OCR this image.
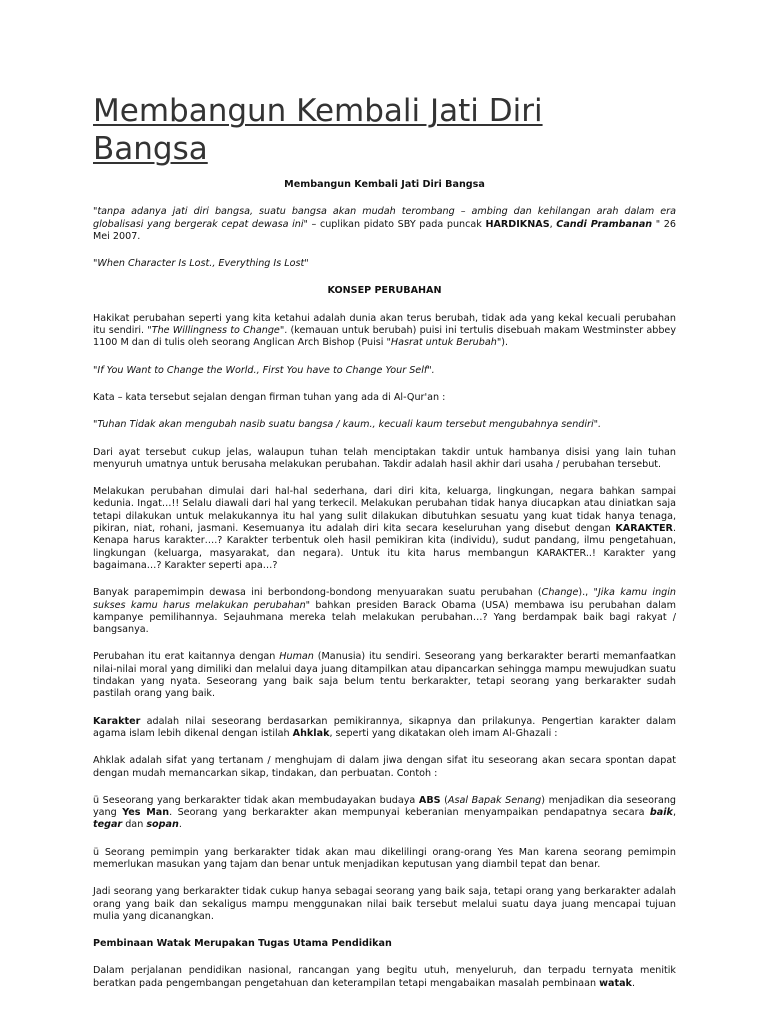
Membangun Kembali Jati Diri Bangsa

Membangun Kembali Jati Diri Bangsa

"tanpa adanya jati diri bangsa, suatu bangsa akan mudah terombang – ambing dan kehilangan arah dalam era globalisasi yang bergerak cepat dewasa ini" – cuplikan pidato SBY pada puncak HARDIKNAS, Candi Prambanan " 26 Mei 2007.

"When Character Is Lost., Everything Is Lost"

KONSEP PERUBAHAN

Hakikat perubahan seperti yang kita ketahui adalah dunia akan terus berubah, tidak ada yang kekal kecuali perubahan itu sendiri. "The Willingness to Change". (kemauan untuk berubah) puisi ini tertulis disebuah makam Westminster abbey 1100 M dan di tulis oleh seorang Anglican Arch Bishop (Puisi "Hasrat untuk Berubah").

"If You Want to Change the World., First You have to Change Your Self".

Kata – kata tersebut sejalan dengan firman tuhan yang ada di Al-Qur'an :

"Tuhan Tidak akan mengubah nasib suatu bangsa / kaum., kecuali kaum tersebut mengubahnya sendiri".

Dari ayat tersebut cukup jelas, walaupun tuhan telah menciptakan takdir untuk hambanya disisi yang lain tuhan menyuruh umatnya untuk berusaha melakukan perubahan. Takdir adalah hasil akhir dari usaha / perubahan tersebut.

Melakukan perubahan dimulai dari hal-hal sederhana, dari diri kita, keluarga, lingkungan, negara bahkan sampai kedunia. Ingat…!! Selalu diawali dari hal yang terkecil. Melakukan perubahan tidak hanya diucapkan atau diniatkan saja tetapi dilakukan untuk melakukannya itu hal yang sulit dilakukan dibutuhkan sesuatu yang kuat tidak hanya tenaga, pikiran, niat, rohani, jasmani. Kesemuanya itu adalah diri kita secara keseluruhan yang disebut dengan KARAKTER. Kenapa harus karakter….? Karakter terbentuk oleh hasil pemikiran kita (individu), sudut pandang, ilmu pengetahuan, lingkungan (keluarga, masyarakat, dan negara). Untuk itu kita harus membangun KARAKTER..! Karakter yang bagaimana…? Karakter seperti apa…?

Banyak parapemimpin dewasa ini berbondong-bondong menyuarakan suatu perubahan (Change)., "Jika kamu ingin sukses kamu harus melakukan perubahan" bahkan presiden Barack Obama (USA) membawa isu perubahan dalam kampanye pemilihannya. Sejauhmana mereka telah melakukan perubahan…? Yang berdampak baik bagi rakyat / bangsanya.

Perubahan itu erat kaitannya dengan Human (Manusia) itu sendiri. Seseorang yang berkarakter berarti memanfaatkan nilai-nilai moral yang dimiliki dan melalui daya juang ditampilkan atau dipancarkan sehingga mampu mewujudkan suatu tindakan yang nyata. Seseorang yang baik saja belum tentu berkarakter, tetapi seorang yang berkarakter sudah pastilah orang yang baik.

Karakter adalah nilai seseorang berdasarkan pemikirannya, sikapnya dan prilakunya. Pengertian karakter dalam agama islam lebih dikenal dengan istilah Ahklak, seperti yang dikatakan oleh imam Al-Ghazali :

Ahklak adalah sifat yang tertanam / menghujam di dalam jiwa dengan sifat itu seseorang akan secara spontan dapat dengan mudah memancarkan sikap, tindakan, dan perbuatan. Contoh :

ü Seseorang yang berkarakter tidak akan membudayakan budaya ABS (Asal Bapak Senang) menjadikan dia seseorang yang Yes Man. Seorang yang berkarakter akan mempunyai keberanian menyampaikan pendapatnya secara baik, tegar dan sopan.

ü Seorang pemimpin yang berkarakter tidak akan mau dikelilingi orang-orang Yes Man karena seorang pemimpin memerlukan masukan yang tajam dan benar untuk menjadikan keputusan yang diambil tepat dan benar.

Jadi seorang yang berkarakter tidak cukup hanya sebagai seorang yang baik saja, tetapi orang yang berkarakter adalah orang yang baik dan sekaligus mampu menggunakan nilai baik tersebut melalui suatu daya juang mencapai tujuan mulia yang dicanangkan.

Pembinaan Watak Merupakan Tugas Utama Pendidikan

Dalam perjalanan pendidikan nasional, rancangan yang begitu utuh, menyeluruh, dan terpadu ternyata menitik beratkan pada pengembangan pengetahuan dan keterampilan tetapi mengabaikan masalah pembinaan watak.
